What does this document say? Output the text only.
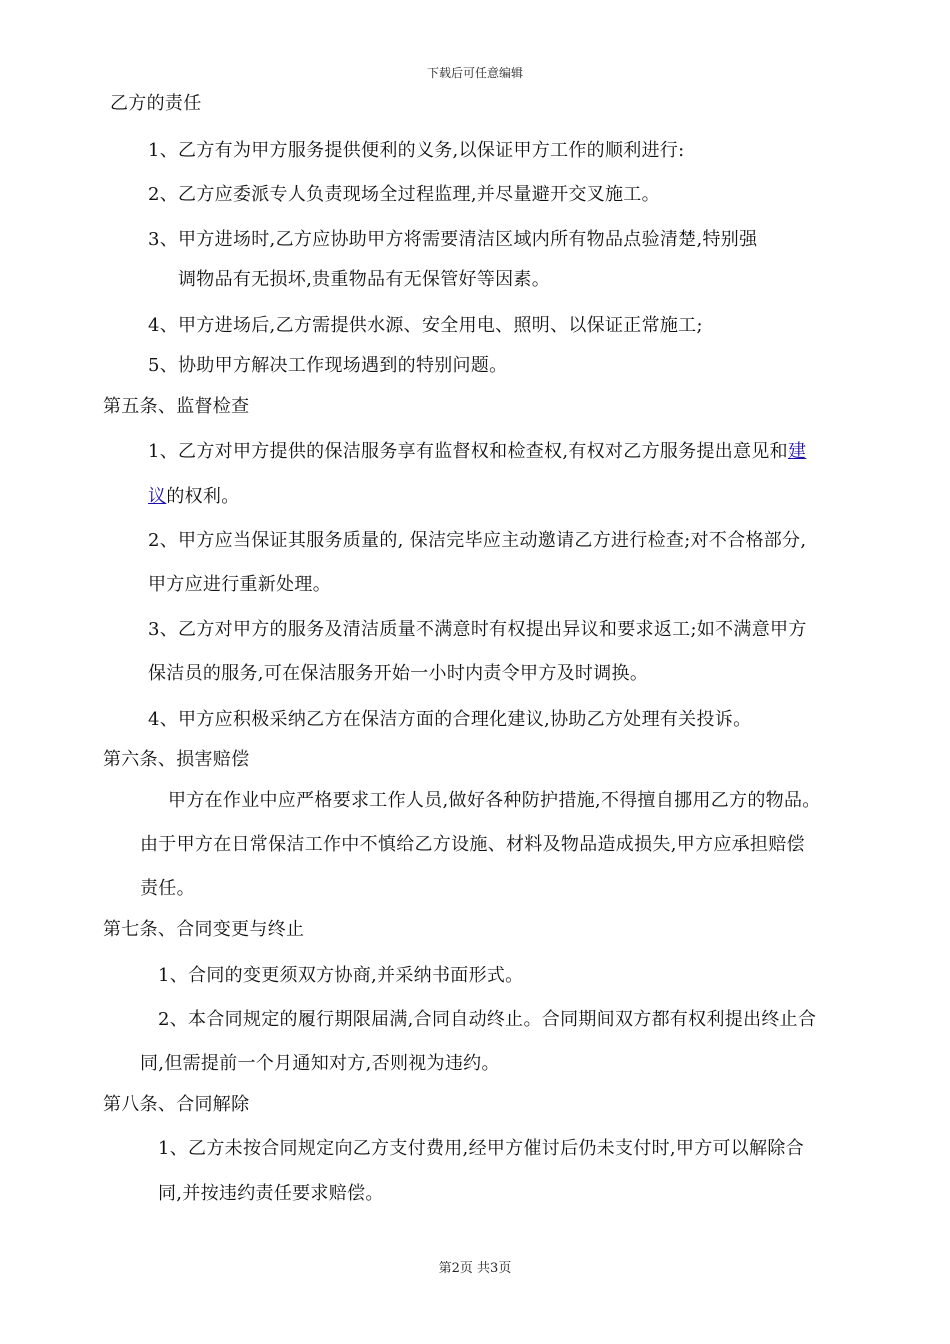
下载后可任意编辑
乙方的责任
1、乙方有为甲方服务提供便利的义务,以保证甲方工作的顺利进行:
2、乙方应委派专人负责现场全过程监理,并尽量避开交叉施工。
3、甲方进场时,乙方应协助甲方将需要清洁区域内所有物品点验清楚,特别强
调物品有无损坏,贵重物品有无保管好等因素。
4、甲方进场后,乙方需提供水源、安全用电、照明、以保证正常施工;
5、协助甲方解决工作现场遇到的特别问题。
第五条、监督检查
1、乙方对甲方提供的保洁服务享有监督权和检查权,有权对乙方服务提出意见和建
议的权利。
2、甲方应当保证其服务质量的, 保洁完毕应主动邀请乙方进行检查;对不合格部分,
甲方应进行重新处理。
3、乙方对甲方的服务及清洁质量不满意时有权提出异议和要求返工;如不满意甲方
保洁员的服务,可在保洁服务开始一小时内责令甲方及时调换。
4、甲方应积极采纳乙方在保洁方面的合理化建议,协助乙方处理有关投诉。
第六条、损害赔偿
甲方在作业中应严格要求工作人员,做好各种防护措施,不得擅自挪用乙方的物品。
由于甲方在日常保洁工作中不慎给乙方设施、材料及物品造成损失,甲方应承担赔偿
责任。
第七条、合同变更与终止
1、合同的变更须双方协商,并采纳书面形式。
2、本合同规定的履行期限届满,合同自动终止。合同期间双方都有权利提出终止合
同,但需提前一个月通知对方,否则视为违约。
第八条、合同解除
1、乙方未按合同规定向乙方支付费用,经甲方催讨后仍未支付时,甲方可以解除合
同,并按违约责任要求赔偿。
第2页 共3页
